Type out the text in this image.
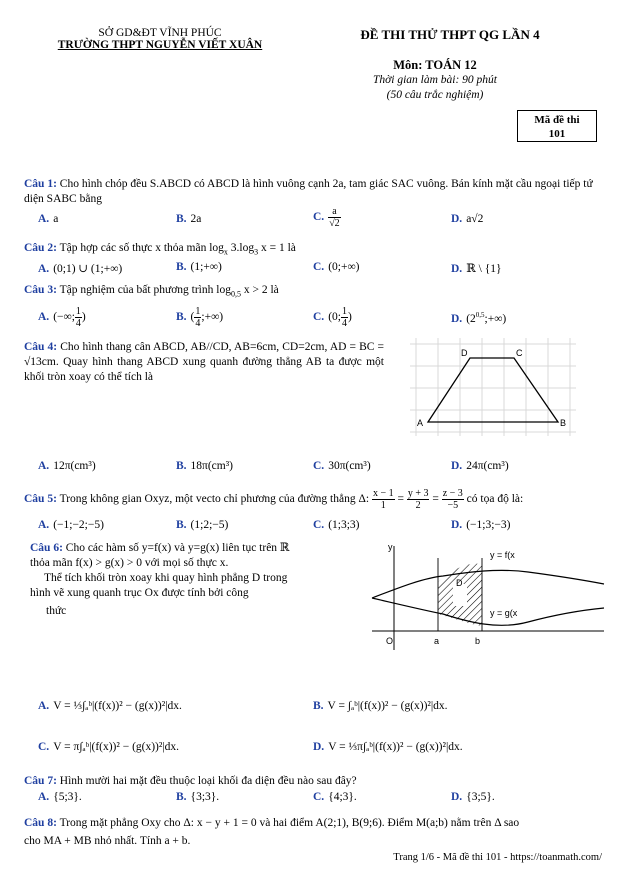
SỞ GD&ĐT VĨNH PHÚC
TRƯỜNG THPT NGUYỄN VIẾT XUÂN
ĐỀ THI THỬ THPT QG LẦN 4
Môn: TOÁN 12
Thời gian làm bài: 90 phút
(50 câu trắc nghiệm)
Mã đề thi
101
Câu 1: Cho hình chóp đều S.ABCD có ABCD là hình vuông cạnh 2a, tam giác SAC vuông. Bán kính mặt cầu ngoại tiếp tứ diện SABC bằng
A. a	B. 2a	C. $\frac{a}{√2}$	D. a√2
Câu 2: Tập hợp các số thực x thỏa mãn $\log_x 3.\log_3$ x = 1 là
A. (0;1) ∪ (1;+∞)	B. (1;+∞)	C. (0;+∞)	D. ℝ \ {1}
Câu 3: Tập nghiệm của bất phương trình $\log_{0,5} x > 2$ là
A. (−∞; $\frac{1}{4}$ )	B. ( $\frac{1}{4}$ ;+∞)	C. (0; $\frac{1}{4}$ )	D. $(2^{0,5};+\infty)$
Câu 4: Cho hình thang cân ABCD, AB//CD, AB=6cm, CD=2cm, AD = BC = √13cm. Quay hình thang ABCD xung quanh đường thẳng AB ta được một khối tròn xoay có thể tích là
A	B
C
D
A. 12π(cm³)	B. 18π(cm³)	C. 30π(cm³)	D. 24π(cm³)
Câu 5: Trong không gian Oxyz, một vecto chỉ phương của đường thẳng Δ: $\frac{x - 1}{1} = \frac{y + 3}{2} = \frac{z - 3}{-5}$ có tọa độ là:
A. (−1;−2;−5)	B. (1;2;−5)	C. (1;3;3)	D. (−1;3;−3)
Câu 6: Cho các hàm số y=f(x) và y=g(x) liên tục trên ℝ
thỏa mãn f(x) > g(x) > 0 với mọi số thực x.
Thể tích khối tròn xoay khi quay hình phẳng D trong
hình vẽ xung quanh trục Ox được tính bởi công
thức
D
y
O	a	b
y = f(x
y = g(x
A. V = ⅓∫ₐᵇ|(f(x))² − (g(x))²|dx.	B. V = ∫ₐᵇ|(f(x))² − (g(x))²|dx.
C. V = π∫ₐᵇ|(f(x))² − (g(x))²|dx.	D. V = ⅓π∫ₐᵇ|(f(x))² − (g(x))²|dx.
Câu 7: Hình mười hai mặt đều thuộc loại khối đa diện đều nào sau đây?
A. {5;3}.	B. {3;3}.	C. {4;3}.	D. {3;5}.
Câu 8: Trong mặt phẳng Oxy cho Δ: x − y + 1 = 0 và hai điểm A(2;1), B(9;6). Điểm M(a;b) nằm trên Δ sao
cho MA + MB nhỏ nhất. Tính a + b.
Trang 1/6 - Mã đề thi 101 - https://toanmath.com/
